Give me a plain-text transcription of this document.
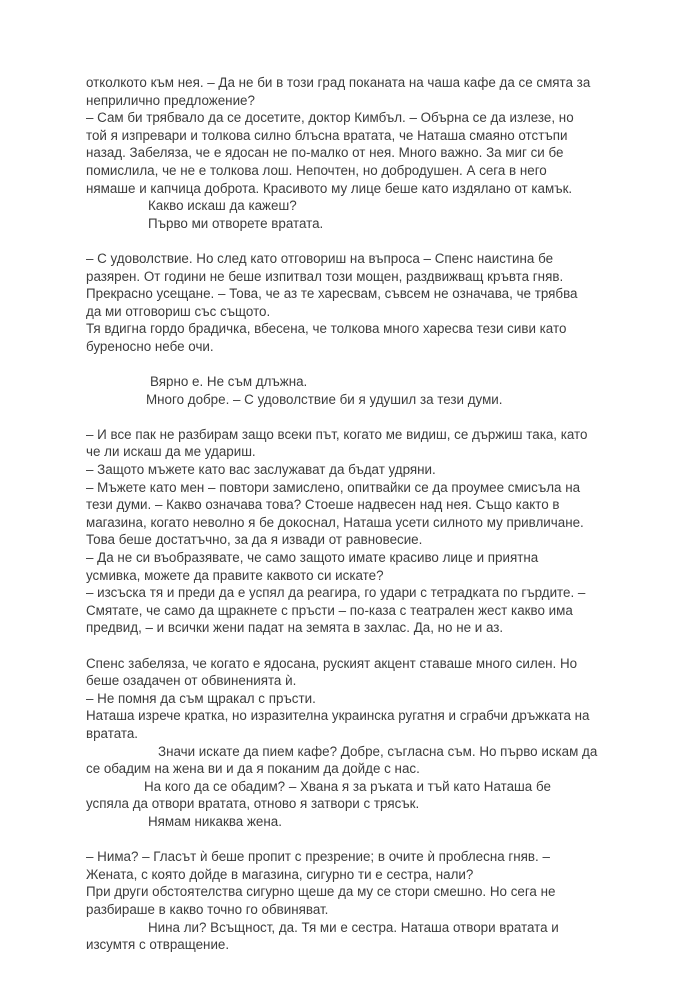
отколкото към нея. – Да не би в този град поканата на чаша кафе да се смята за
неприлично предложение?
– Сам би трябвало да се досетите, доктор Кимбъл. – Обърна се да излезе, но
той я изпревари и толкова силно блъсна вратата, че Наташа смаяно отстъпи
назад. Забеляза, че е ядосан не по-малко от нея. Много важно. За миг си бе
помислила, че не е толкова лош. Непочтен, но добродушен. А сега в него
нямаше и капчица доброта. Красивото му лице беше като издялано от камък.
Какво искаш да кажеш?
Първо ми отворете вратата.
– С удоволствие. Но след като отговориш на въпроса – Спенс наистина бе
разярен. От години не беше изпитвал този мощен, раздвижващ кръвта гняв.
Прекрасно усещане. – Това, че аз те харесвам, съвсем не означава, че трябва
да ми отговориш със същото.
Тя вдигна гордо брадичка, вбесена, че толкова много харесва тези сиви като
буреносно небе очи.
Вярно е. Не съм длъжна.
Много добре. – С удоволствие би я удушил за тези думи.
– И все пак не разбирам защо всеки път, когато ме видиш, се държиш така, като
че ли искаш да ме удариш.
– Защото мъжете като вас заслужават да бъдат удряни.
– Мъжете като мен – повтори замислено, опитвайки се да проумее смисъла на
тези думи. – Какво означава това? Стоеше надвесен над нея. Също както в
магазина, когато неволно я бе докоснал, Наташа усети силното му привличане.
Това беше достатъчно, за да я извади от равновесие.
– Да не си въобразявате, че само защото имате красиво лице и приятна
усмивка, можете да правите каквото си искате?
– изсъска тя и преди да е успял да реагира, го удари с тетрадката по гърдите. –
Смятате, че само да щракнете с пръсти – по-каза с театрален жест какво има
предвид, – и всички жени падат на земята в захлас. Да, но не и аз.
Спенс забеляза, че когато е ядосана, руският акцент ставаше много силен. Но
беше озадачен от обвиненията ѝ.
– Не помня да съм щракал с пръсти.
Наташа изрече кратка, но изразителна украинска ругатня и сграбчи дръжката на
вратата.
Значи искате да пием кафе? Добре, съгласна съм. Но първо искам да
се обадим на жена ви и да я поканим да дойде с нас.
На кого да се обадим? – Хвана я за ръката и тъй като Наташа бе
успяла да отвори вратата, отново я затвори с трясък.
Нямам никаква жена.
– Нима? – Гласът ѝ беше пропит с презрение; в очите ѝ проблесна гняв. –
Жената, с която дойде в магазина, сигурно ти е сестра, нали?
При други обстоятелства сигурно щеше да му се стори смешно. Но сега не
разбираше в какво точно го обвиняват.
Нина ли? Всъщност, да. Тя ми е сестра. Наташа отвори вратата и
изсумтя с отвращение.
